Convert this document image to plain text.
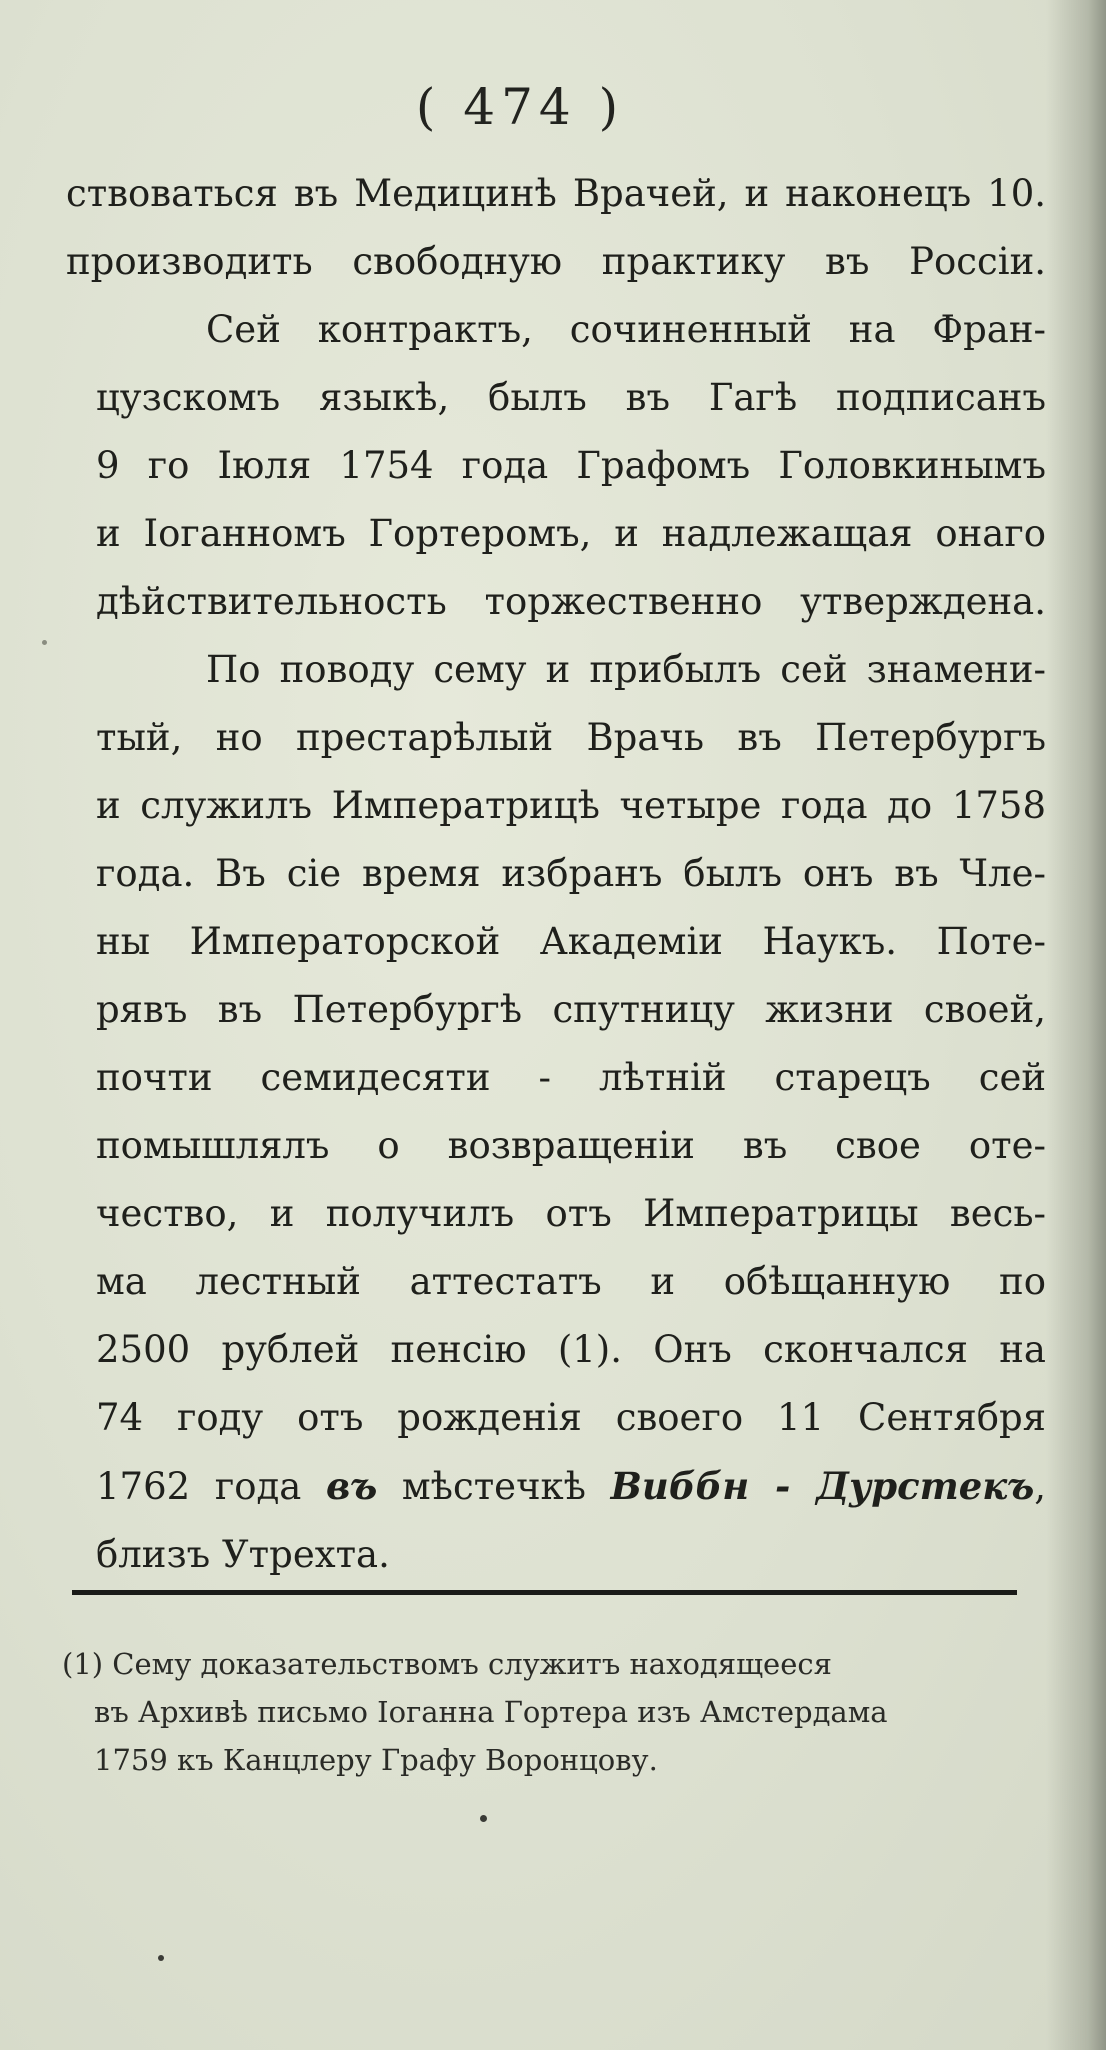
( 474 )
ствоваться въ Медицинѣ Врачей, и наконецъ 10.
производить свободную практику въ Россіи.
Сей контрактъ, сочиненный на Фран-
цузскомъ языкѣ, былъ въ Гагѣ подписанъ
9 го Іюля 1754 года Графомъ Головкинымъ
и Іоганномъ Гортеромъ, и надлежащая онаго
дѣйствительность торжественно утверждена.
По поводу сему и прибылъ сей знамени-
тый, но престарѣлый Врачь въ Петербургъ
и служилъ Императрицѣ четыре года до 1758
года. Въ сіе время избранъ былъ онъ въ Чле-
ны Императорской Академіи Наукъ. Поте-
рявъ въ Петербургѣ спутницу жизни своей,
почти семидесяти - лѣтній старецъ сей
помышлялъ о возвращеніи въ свое оте-
чество, и получилъ отъ Императрицы весь-
ма лестный аттестатъ и обѣщанную по
2500 рублей пенсію (1). Онъ скончался на
74 году отъ рожденія своего 11 Сентября
1762 года въ мѣстечкѣ Виббн - Дурстекъ,
близъ Утрехта.
(1) Сему доказательствомъ служитъ находящееся
въ Архивѣ письмо Іоганна Гортера изъ Амстердама
1759 къ Канцлеру Графу Воронцову.
